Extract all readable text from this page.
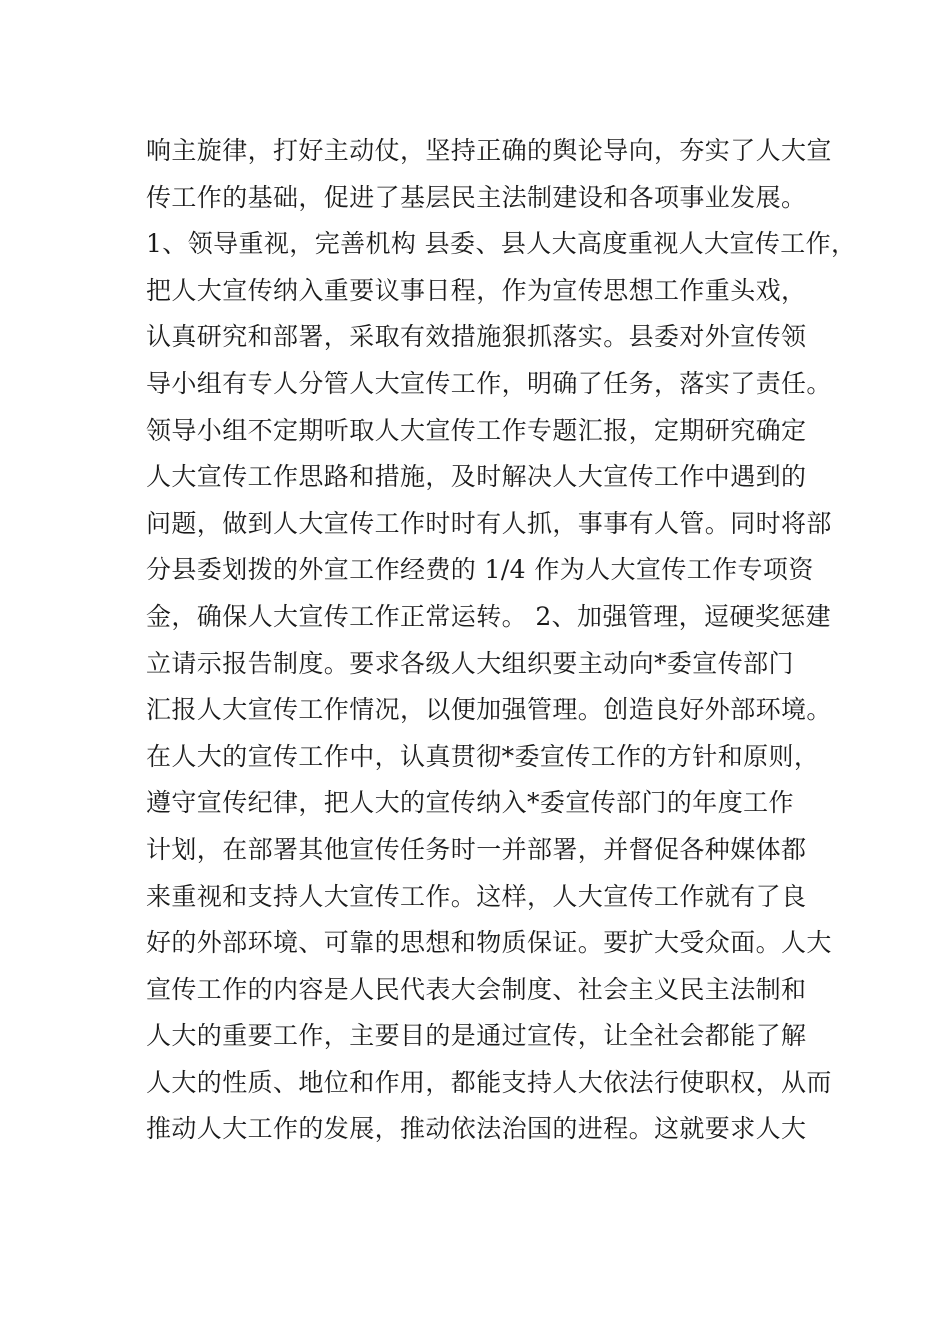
响主旋律，打好主动仗，坚持正确的舆论导向，夯实了人大宣
传工作的基础，促进了基层民主法制建设和各项事业发展。
1、领导重视，完善机构 县委、县人大高度重视人大宣传工作，
把人大宣传纳入重要议事日程，作为宣传思想工作重头戏，
认真研究和部署，采取有效措施狠抓落实。县委对外宣传领
导小组有专人分管人大宣传工作，明确了任务，落实了责任。
领导小组不定期听取人大宣传工作专题汇报，定期研究确定
人大宣传工作思路和措施，及时解决人大宣传工作中遇到的
问题，做到人大宣传工作时时有人抓，事事有人管。同时将部
分县委划拨的外宣工作经费的 1/4 作为人大宣传工作专项资
金，确保人大宣传工作正常运转。 2、加强管理，逗硬奖惩建
立请示报告制度。要求各级人大组织要主动向*委宣传部门
汇报人大宣传工作情况，以便加强管理。创造良好外部环境。
在人大的宣传工作中，认真贯彻*委宣传工作的方针和原则，
遵守宣传纪律，把人大的宣传纳入*委宣传部门的年度工作
计划，在部署其他宣传任务时一并部署，并督促各种媒体都
来重视和支持人大宣传工作。这样，人大宣传工作就有了良
好的外部环境、可靠的思想和物质保证。要扩大受众面。人大
宣传工作的内容是人民代表大会制度、社会主义民主法制和
人大的重要工作，主要目的是通过宣传，让全社会都能了解
人大的性质、地位和作用，都能支持人大依法行使职权，从而
推动人大工作的发展，推动依法治国的进程。这就要求人大
